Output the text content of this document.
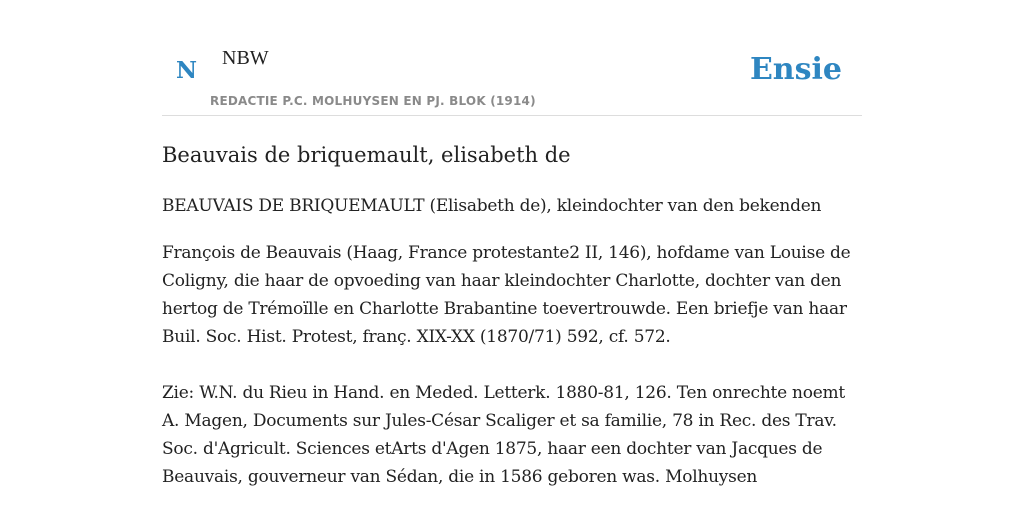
N NBW
REDACTIE P.C. MOLHUYSEN EN PJ. BLOK (1914)
Ensie
Beauvais de briquemault, elisabeth de

BEAUVAIS DE BRIQUEMAULT (Elisabeth de), kleindochter van den bekenden

François de Beauvais (Haag, France protestante2 II, 146), hofdame van Louise de Coligny, die haar de opvoeding van haar kleindochter Charlotte, dochter van den hertog de Trémoïlle en Charlotte Brabantine toevertrouwde. Een briefje van haar Buil. Soc. Hist. Protest, franç. XIX-XX (1870/71) 592, cf. 572.

Zie: W.N. du Rieu in Hand. en Meded. Letterk. 1880-81, 126. Ten onrechte noemt A. Magen, Documents sur Jules-César Scaliger et sa familie, 78 in Rec. des Trav. Soc. d'Agricult. Sciences etArts d'Agen 1875, haar een dochter van Jacques de Beauvais, gouverneur van Sédan, die in 1586 geboren was. Molhuysen
